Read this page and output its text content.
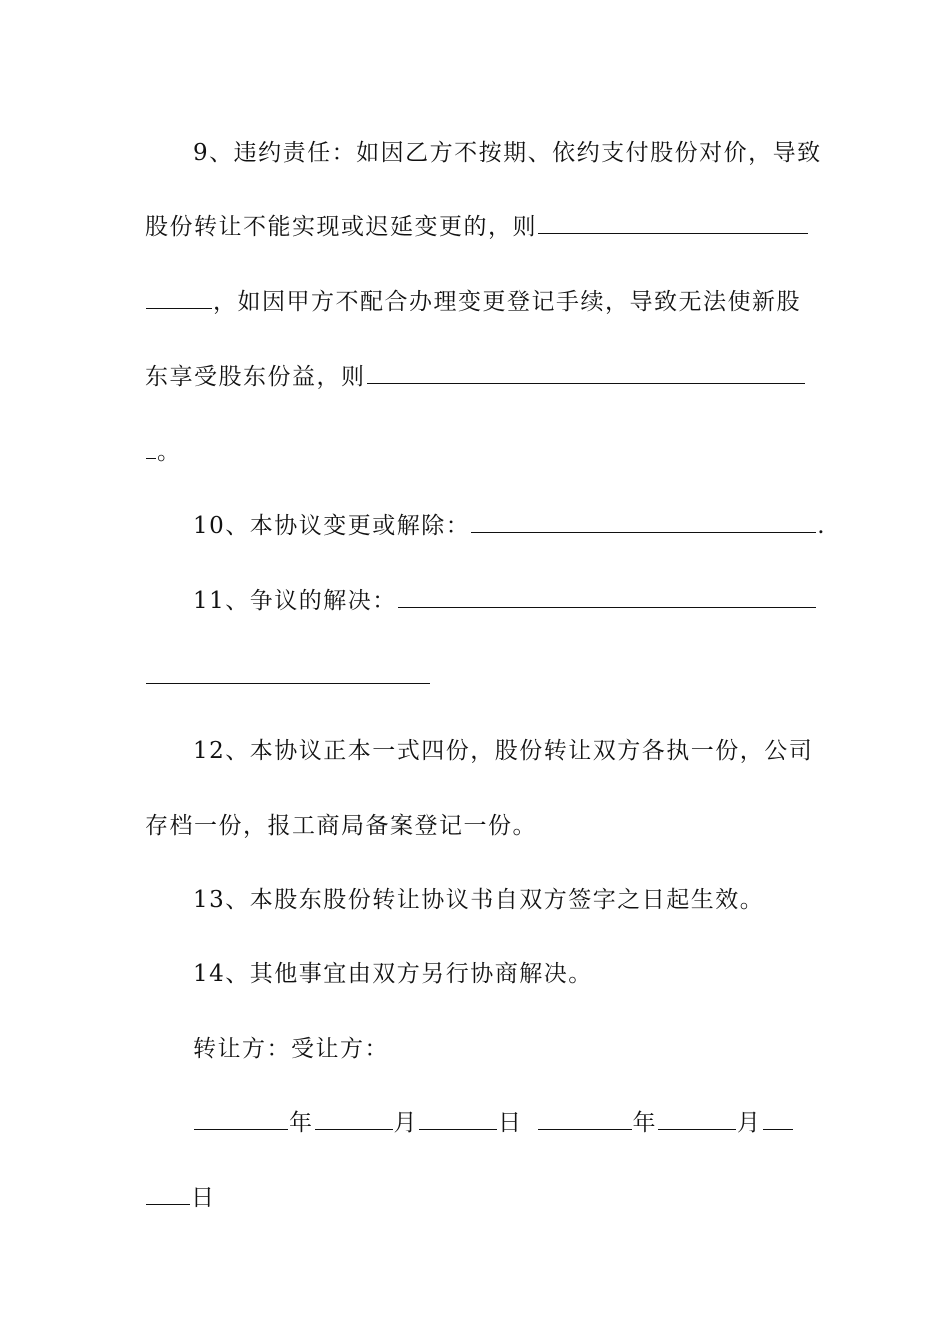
9、违约责任：如因乙方不按期、依约支付股份对价，导致
股份转让不能实现或迟延变更的，则
，如因甲方不配合办理变更登记手续，导致无法使新股
东享受股东份益，则
。
10、本协议变更或解除：	.
11、争议的解决：
12、本协议正本一式四份，股份转让双方各执一份，公司
存档一份，报工商局备案登记一份。
13、本股东股份转让协议书自双方签字之日起生效。
14、其他事宜由双方另行协商解决。
转让方：受让方：
年	月	日	年	月
日
